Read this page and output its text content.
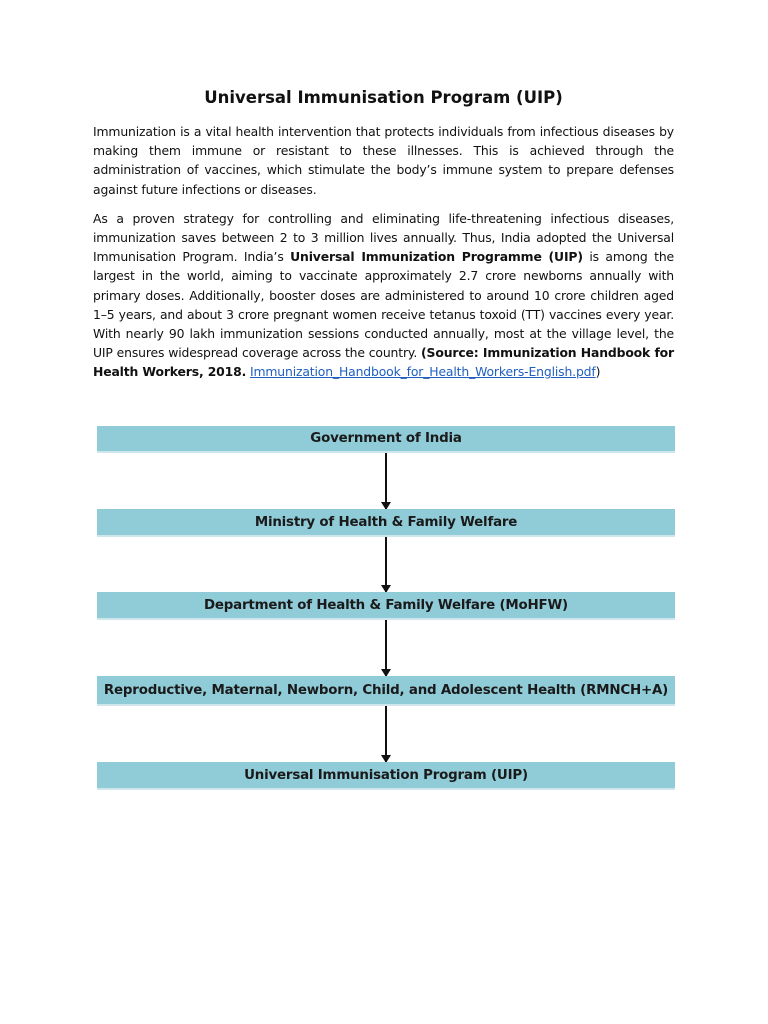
Universal Immunisation Program (UIP)

Immunization is a vital health intervention that protects individuals from infectious diseases by making them immune or resistant to these illnesses. This is achieved through the administration of vaccines, which stimulate the body’s immune system to prepare defenses against future infections or diseases.

As a proven strategy for controlling and eliminating life-threatening infectious diseases, immunization saves between 2 to 3 million lives annually. Thus, India adopted the Universal Immunisation Program. India’s Universal Immunization Programme (UIP) is among the largest in the world, aiming to vaccinate approximately 2.7 crore newborns annually with primary doses. Additionally, booster doses are administered to around 10 crore children aged 1–5 years, and about 3 crore pregnant women receive tetanus toxoid (TT) vaccines every year. With nearly 90 lakh immunization sessions conducted annually, most at the village level, the UIP ensures widespread coverage across the country. (Source: Immunization Handbook for Health Workers, 2018. Immunization_Handbook_for_Health_Workers-English.pdf)

Government of India
Ministry of Health & Family Welfare
Department of Health & Family Welfare (MoHFW)
Reproductive, Maternal, Newborn, Child, and Adolescent Health (RMNCH+A)
Universal Immunisation Program (UIP)
